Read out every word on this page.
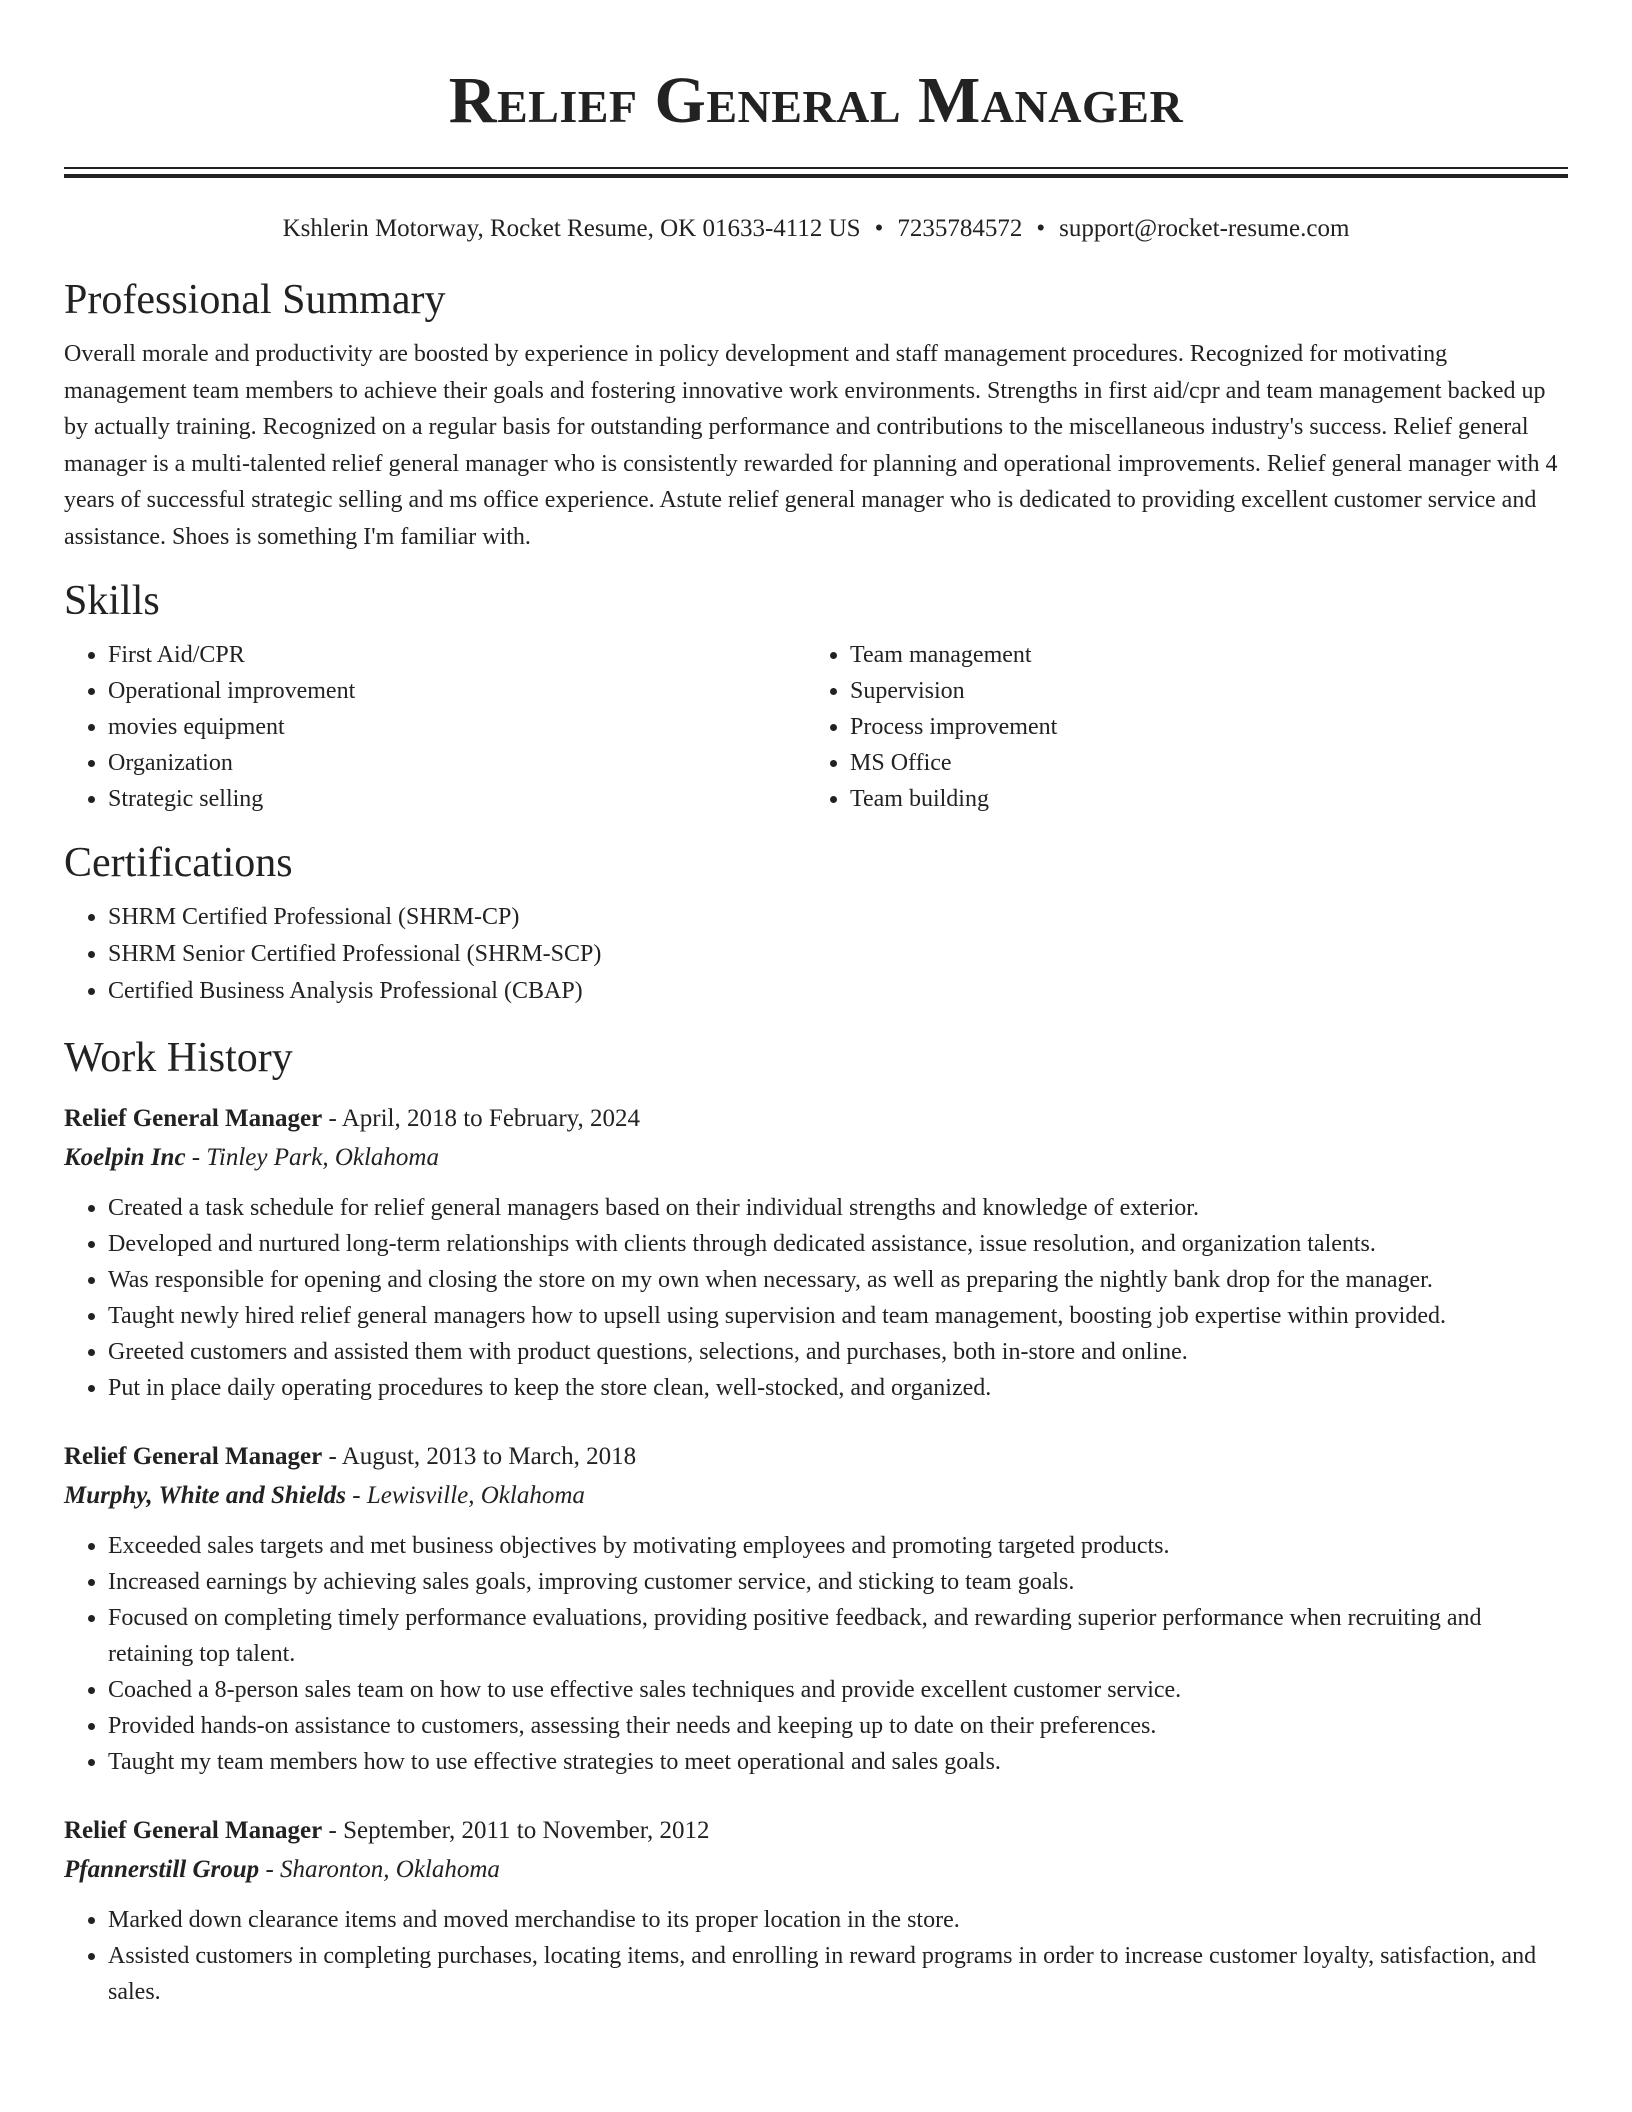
Relief General Manager
Kshlerin Motorway, Rocket Resume, OK 01633-4112 US • 7235784572 • support@rocket-resume.com
Professional Summary

Overall morale and productivity are boosted by experience in policy development and staff management procedures. Recognized for motivating management team members to achieve their goals and fostering innovative work environments. Strengths in first aid/cpr and team management backed up by actually training. Recognized on a regular basis for outstanding performance and contributions to the miscellaneous industry's success. Relief general manager is a multi-talented relief general manager who is consistently rewarded for planning and operational improvements. Relief general manager with 4 years of successful strategic selling and ms office experience. Astute relief general manager who is dedicated to providing excellent customer service and assistance. Shoes is something I'm familiar with.

Skills
• First Aid/CPR
• Operational improvement
• movies equipment
• Organization
• Strategic selling
• Team management
• Supervision
• Process improvement
• MS Office
• Team building
Certifications
• SHRM Certified Professional (SHRM-CP)
• SHRM Senior Certified Professional (SHRM-SCP)
• Certified Business Analysis Professional (CBAP)
Work History
Relief General Manager - April, 2018 to February, 2024
Koelpin Inc - Tinley Park, Oklahoma
• Created a task schedule for relief general managers based on their individual strengths and knowledge of exterior.
• Developed and nurtured long-term relationships with clients through dedicated assistance, issue resolution, and organization talents.
• Was responsible for opening and closing the store on my own when necessary, as well as preparing the nightly bank drop for the manager.
• Taught newly hired relief general managers how to upsell using supervision and team management, boosting job expertise within provided.
• Greeted customers and assisted them with product questions, selections, and purchases, both in-store and online.
• Put in place daily operating procedures to keep the store clean, well-stocked, and organized.
Relief General Manager - August, 2013 to March, 2018
Murphy, White and Shields - Lewisville, Oklahoma
• Exceeded sales targets and met business objectives by motivating employees and promoting targeted products.
• Increased earnings by achieving sales goals, improving customer service, and sticking to team goals.
• Focused on completing timely performance evaluations, providing positive feedback, and rewarding superior performance when recruiting and retaining top talent.
• Coached a 8-person sales team on how to use effective sales techniques and provide excellent customer service.
• Provided hands-on assistance to customers, assessing their needs and keeping up to date on their preferences.
• Taught my team members how to use effective strategies to meet operational and sales goals.
Relief General Manager - September, 2011 to November, 2012
Pfannerstill Group - Sharonton, Oklahoma
• Marked down clearance items and moved merchandise to its proper location in the store.
• Assisted customers in completing purchases, locating items, and enrolling in reward programs in order to increase customer loyalty, satisfaction, and sales.
